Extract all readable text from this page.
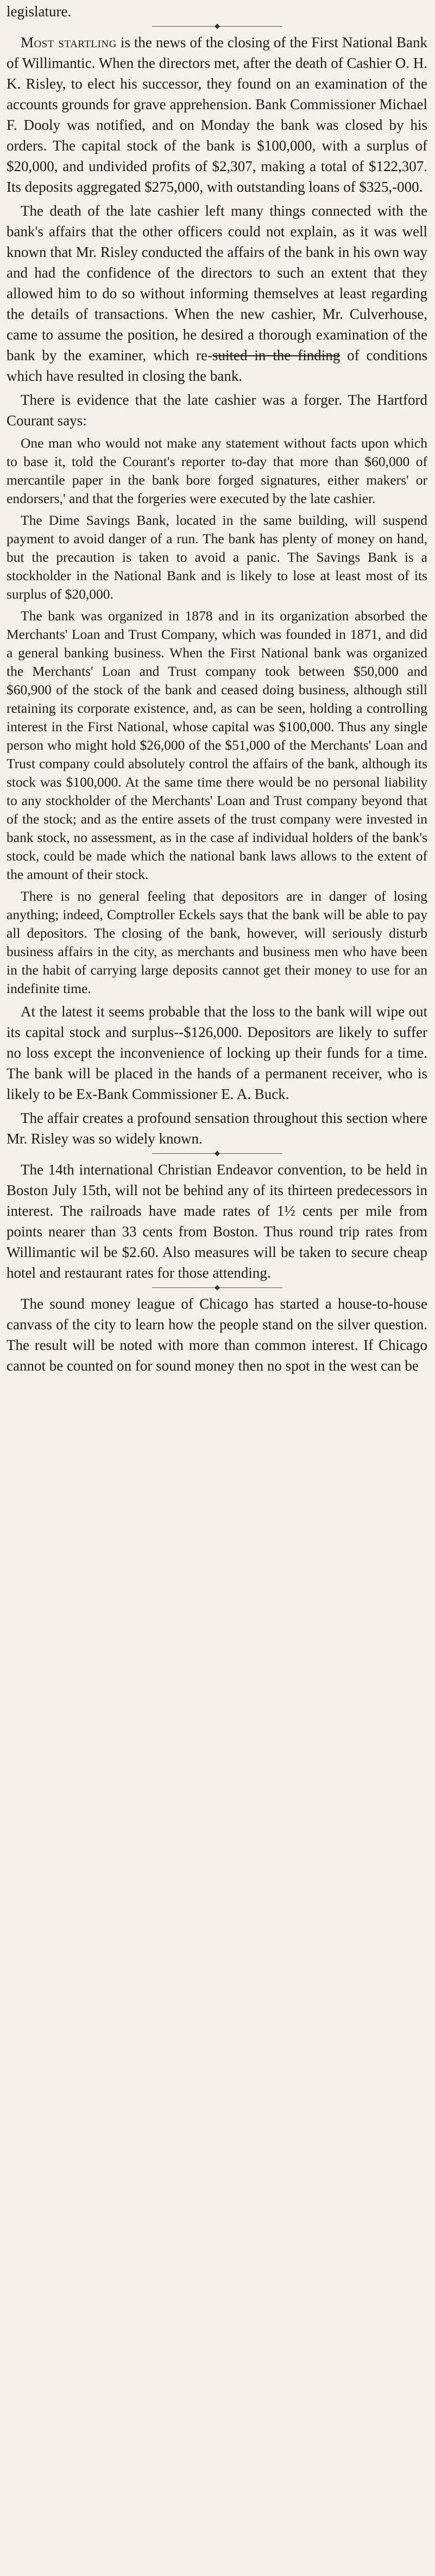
legislature.

Most startling is the news of the closing of the First National Bank of Willimantic. When the directors met, after the death of Cashier O. H. K. Risley, to elect his successor, they found on an examination of the accounts grounds for grave apprehension. Bank Commissioner Michael F. Dooly was notified, and on Monday the bank was closed by his orders. The capital stock of the bank is $100,000, with a surplus of $20,000, and undivided profits of $2,307, making a total of $122,307. Its deposits aggregated $275,000, with outstanding loans of $325,-000.

The death of the late cashier left many things connected with the bank's affairs that the other officers could not explain, as it was well known that Mr. Risley conducted the affairs of the bank in his own way and had the confidence of the directors to such an extent that they allowed him to do so without informing themselves at least regarding the details of transactions. When the new cashier, Mr. Culverhouse, came to assume the position, he desired a thorough examination of the bank by the examiner, which re-suited in the finding of conditions which have resulted in closing the bank.

There is evidence that the late cashier was a forger. The Hartford Courant says:

One man who would not make any statement without facts upon which to base it, told the Courant's reporter to-day that more than $60,000 of mercantile paper in the bank bore forged signatures, either makers' or endorsers,' and that the forgeries were executed by the late cashier.

The Dime Savings Bank, located in the same building, will suspend payment to avoid danger of a run. The bank has plenty of money on hand, but the precaution is taken to avoid a panic. The Savings Bank is a stockholder in the National Bank and is likely to lose at least most of its surplus of $20,000.

The bank was organized in 1878 and in its organization absorbed the Merchants' Loan and Trust Company, which was founded in 1871, and did a general banking business. When the First National bank was organized the Merchants' Loan and Trust company took between $50,000 and $60,900 of the stock of the bank and ceased doing business, although still retaining its corporate existence, and, as can be seen, holding a controlling interest in the First National, whose capital was $100,000. Thus any single person who might hold $26,000 of the $51,000 of the Merchants' Loan and Trust company could absolutely control the affairs of the bank, although its stock was $100,000. At the same time there would be no personal liability to any stockholder of the Merchants' Loan and Trust company beyond that of the stock; and as the entire assets of the trust company were invested in bank stock, no assessment, as in the case af individual holders of the bank's stock, could be made which the national bank laws allows to the extent of the amount of their stock.

There is no general feeling that depositors are in danger of losing anything; indeed, Comptroller Eckels says that the bank will be able to pay all depositors. The closing of the bank, however, will seriously disturb business affairs in the city, as merchants and business men who have been in the habit of carrying large deposits cannot get their money to use for an indefinite time.

At the latest it seems probable that the loss to the bank will wipe out its capital stock and surplus--$126,000. Depositors are likely to suffer no loss except the inconvenience of locking up their funds for a time. The bank will be placed in the hands of a permanent receiver, who is likely to be Ex-Bank Commissioner E. A. Buck.

The affair creates a profound sensation throughout this section where Mr. Risley was so widely known.

The 14th international Christian Endeavor convention, to be held in Boston July 15th, will not be behind any of its thirteen predecessors in interest. The railroads have made rates of 1½ cents per mile from points nearer than 33 cents from Boston. Thus round trip rates from Willimantic wil be $2.60. Also measures will be taken to secure cheap hotel and restaurant rates for those attending.

The sound money league of Chicago has started a house-to-house canvass of the city to learn how the people stand on the silver question. The result will be noted with more than common interest. If Chicago cannot be counted on for sound money then no spot in the west can be
